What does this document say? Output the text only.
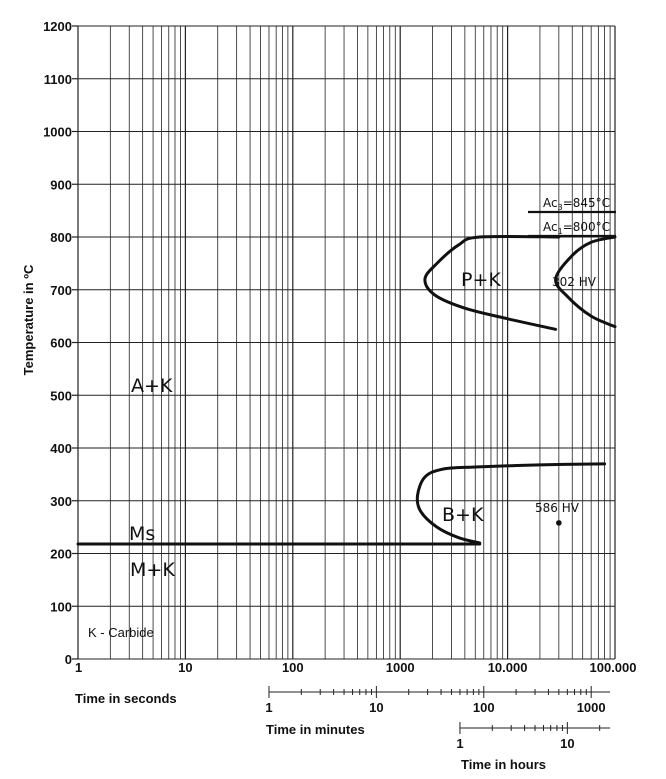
0
100
200
300
400
500
600
700
800
900
1000
1100
1200
1	10	100	1000	10.000	100.000
$Ac_3=845^\circ C$
$Ac_1=800^\circ C$
A+K
P+K
B+K
M+K
Ms
302 HV
586 HV
Temperature in ºC
Time in seconds
1	10	100	1000
Time in minutes
1	10
Time in hours
K - Carbide
